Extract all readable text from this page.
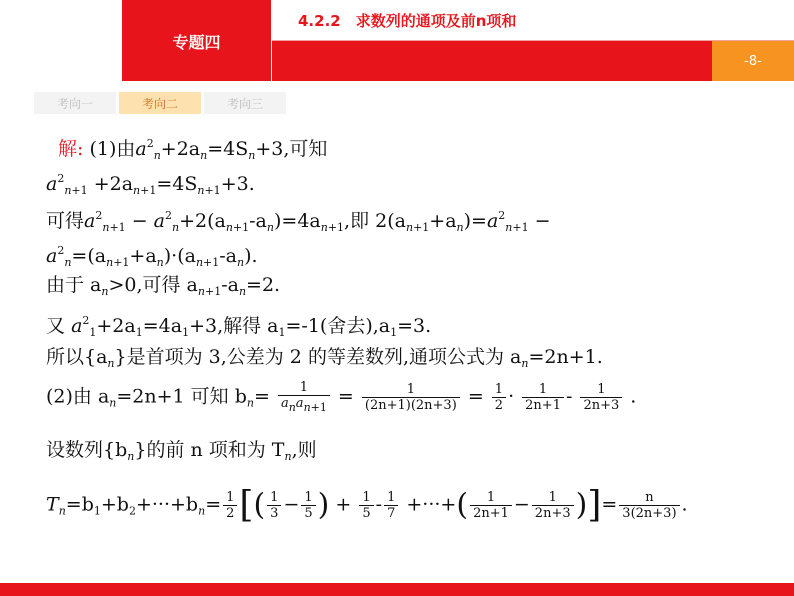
专题四
4.2.2　求数列的通项及前n项和
-8-
考向一	考向二	考向三
解: (1)由$a^2_n+2a_n=4S_n+3$,可知
$a^2_{n+1} +2a_{n+1}=4S_{n+1}+3$.
可得$a^2_{n+1} - a^2_n+2(a_{n+1}-a_n)=4a_{n+1}$,即 $2(a_{n+1}+a_n)=a^2_{n+1}$ −
$a^2_n=(a_{n+1}+a_n)\cdot(a_{n+1}-a_n)$.
由于 $a_n>0$,可得 $a_{n+1}-a_n=2$.
又 $a^2_1+2a_1=4a_1+3$,解得 $a_1=-1$(舍去)$,a_1=3$.
所以$\{a_n\}$是首项为 3,公差为 2 的等差数列,通项公式为 $a_n=2n+1$.
(2)由 $a_n=2n+1$ 可知 $b_n= \frac{1}{a_na_{n+1}} = \frac{1}{(2n+1)(2n+3)} = \frac{1}{2} \cdot \frac{1}{2n+1} - \frac{1}{2n+3}$ .
设数列$\{b_n\}$的前 n 项和为 $T_n$,则
$T_n=b_1+b_2+\cdot\cdot\cdot+b_n= \frac{1}{2}$ [( $\frac{1}{3} - \frac{1}{5}$ ) + $\frac{1}{5} - \frac{1}{7}$ +···+( $\frac{1}{2n+1} - \frac{1}{2n+3}$ )]= $\frac{n}{3(2n+3)}$ .
